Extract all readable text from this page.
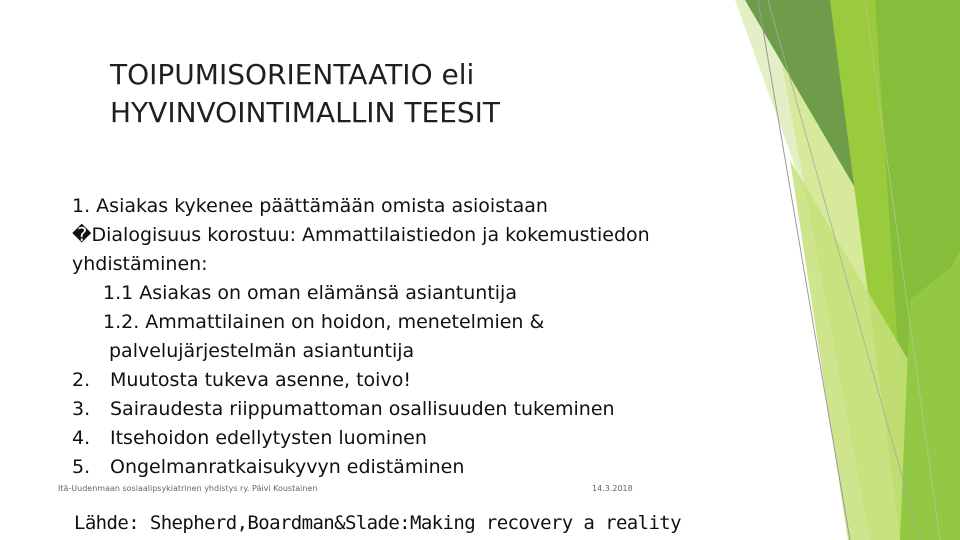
TOIPUMISORIENTAATIO eli
HYVINVOINTIMALLIN TEESIT
1. Asiakas kykenee päättämään omista asioistaan
�Dialogisuus korostuu: Ammattilaistiedon ja kokemustiedon
yhdistäminen:
1.1 Asiakas on oman elämänsä asiantuntija
1.2. Ammattilainen on hoidon, menetelmien &
palvelujärjestelmän asiantuntija
2. Muutosta tukeva asenne, toivo!
3. Sairaudesta riippumattoman osallisuuden tukeminen
4. Itsehoidon edellytysten luominen
5. Ongelmanratkaisukyvyn edistäminen
Itä-Uudenmaan sosiaalipsykiatrinen yhdistys ry. Päivi Koustainen	14.3.2018
Lähde: Shepherd,Boardman&Slade:Making recovery a reality
